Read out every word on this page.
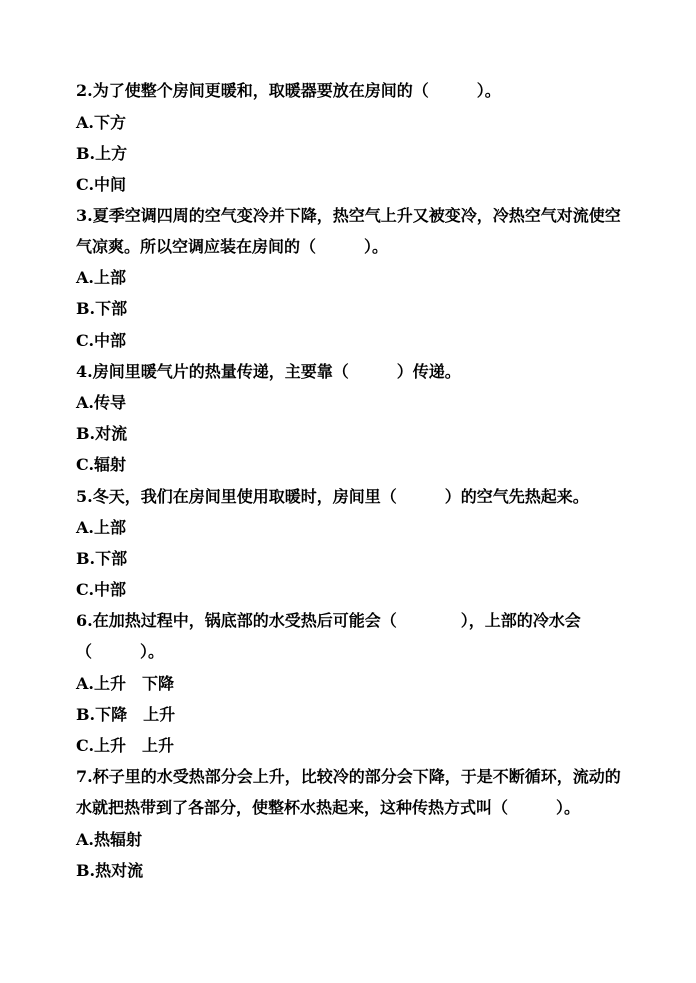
2.为了使整个房间更暖和，取暖器要放在房间的（　　　）。
A.下方
B.上方
C.中间
3.夏季空调四周的空气变冷并下降，热空气上升又被变冷，冷热空气对流使空
气凉爽。所以空调应装在房间的（　　　）。
A.上部
B.下部
C.中部
4.房间里暖气片的热量传递，主要靠（　　　）传递。
A.传导
B.对流
C.辐射
5.冬天，我们在房间里使用取暖时，房间里（　　　）的空气先热起来。
A.上部
B.下部
C.中部
6.在加热过程中，锅底部的水受热后可能会（　　　　），上部的冷水会
（　　　）。
A.上升　下降
B.下降　上升
C.上升　上升
7.杯子里的水受热部分会上升，比较冷的部分会下降，于是不断循环，流动的
水就把热带到了各部分，使整杯水热起来，这种传热方式叫（　　　）。
A.热辐射
B.热对流
